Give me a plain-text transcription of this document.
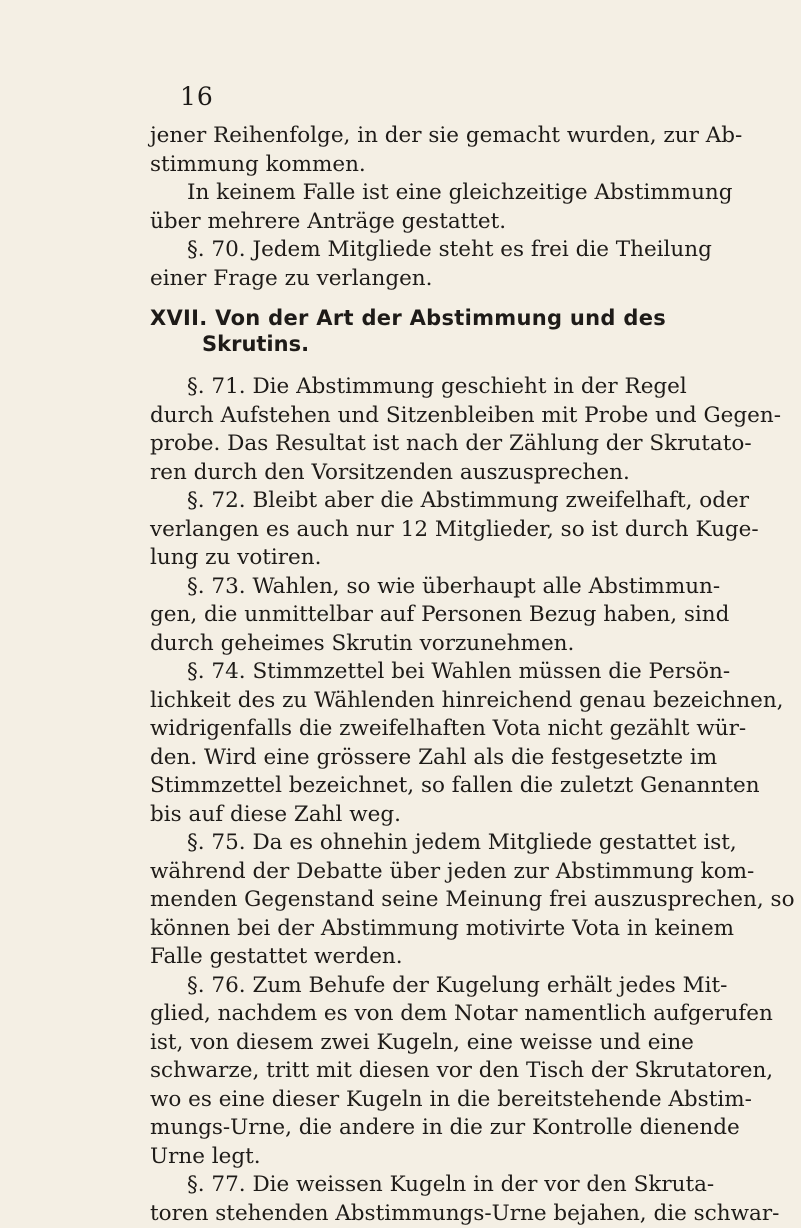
16
jener Reihenfolge, in der sie gemacht wurden, zur Ab-
stimmung kommen.
In keinem Falle ist eine gleichzeitige Abstimmung
über mehrere Anträge gestattet.
§. 70. Jedem Mitgliede steht es frei die Theilung
einer Frage zu verlangen.
XVII. Von der Art der Abstimmung und des
Skrutins.
§. 71. Die Abstimmung geschieht in der Regel
durch Aufstehen und Sitzenbleiben mit Probe und Gegen-
probe. Das Resultat ist nach der Zählung der Skrutato-
ren durch den Vorsitzenden auszusprechen.
§. 72. Bleibt aber die Abstimmung zweifelhaft, oder
verlangen es auch nur 12 Mitglieder, so ist durch Kuge-
lung zu votiren.
§. 73. Wahlen, so wie überhaupt alle Abstimmun-
gen, die unmittelbar auf Personen Bezug haben, sind
durch geheimes Skrutin vorzunehmen.
§. 74. Stimmzettel bei Wahlen müssen die Persön-
lichkeit des zu Wählenden hinreichend genau bezeichnen,
widrigenfalls die zweifelhaften Vota nicht gezählt wür-
den. Wird eine grössere Zahl als die festgesetzte im
Stimmzettel bezeichnet, so fallen die zuletzt Genannten
bis auf diese Zahl weg.
§. 75. Da es ohnehin jedem Mitgliede gestattet ist,
während der Debatte über jeden zur Abstimmung kom-
menden Gegenstand seine Meinung frei auszusprechen, so
können bei der Abstimmung motivirte Vota in keinem
Falle gestattet werden.
§. 76. Zum Behufe der Kugelung erhält jedes Mit-
glied, nachdem es von dem Notar namentlich aufgerufen
ist, von diesem zwei Kugeln, eine weisse und eine
schwarze, tritt mit diesen vor den Tisch der Skrutatoren,
wo es eine dieser Kugeln in die bereitstehende Abstim-
mungs-Urne, die andere in die zur Kontrolle dienende
Urne legt.
§. 77. Die weissen Kugeln in der vor den Skruta-
toren stehenden Abstimmungs-Urne bejahen, die schwar-
